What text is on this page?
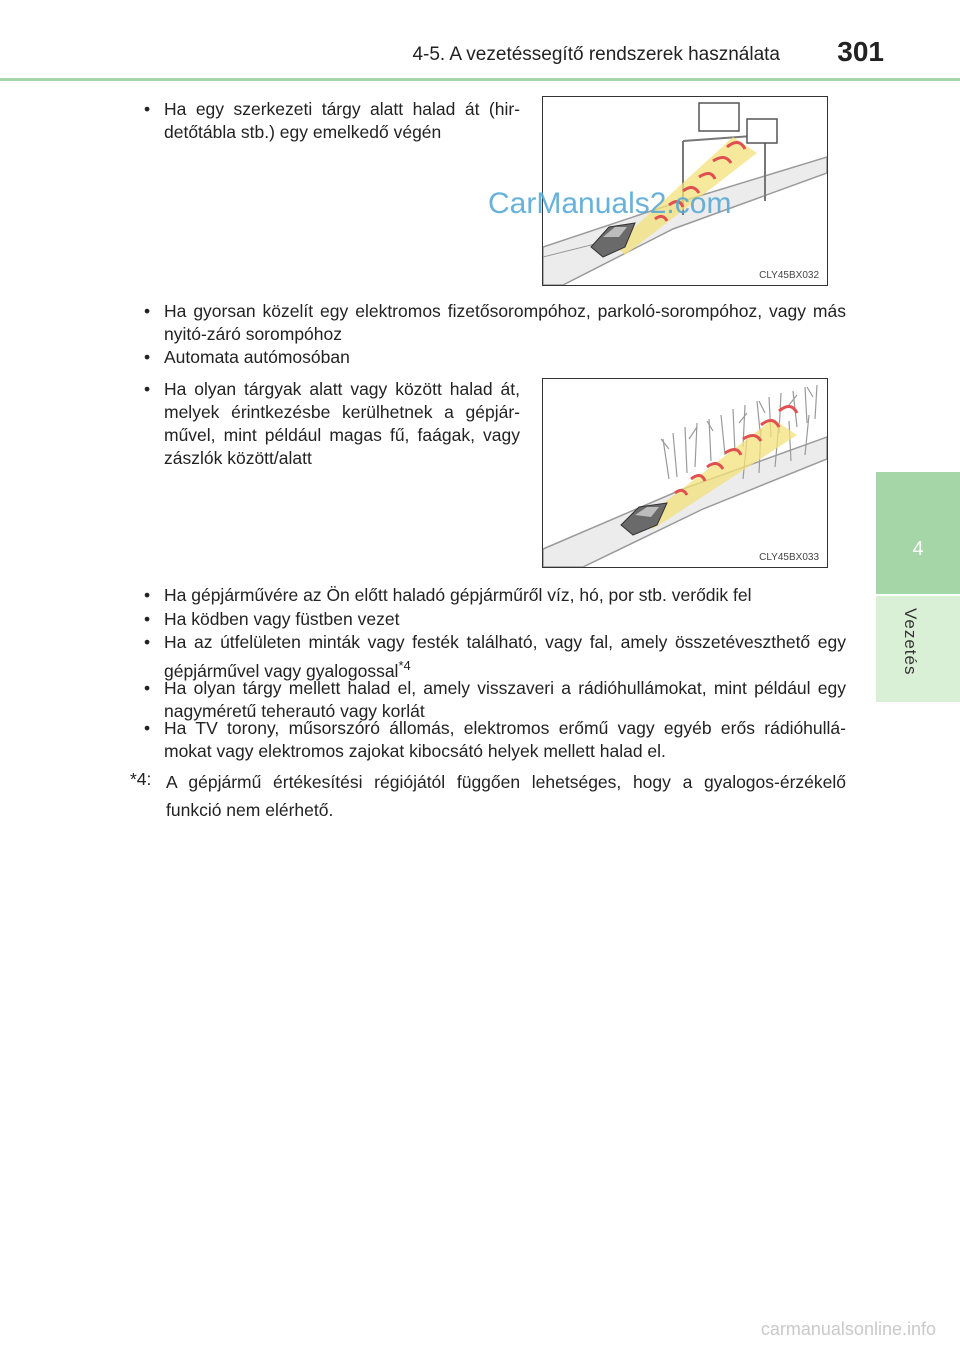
4-5. A vezetéssegítő rendszerek használata 301
4
Vezetés
• Ha egy szerkezeti tárgy alatt halad át (hir-detőtábla stb.) egy emelkedő végén
CLY45BX032
CarManuals2.com
• Ha gyorsan közelít egy elektromos fizetősorompóhoz, parkoló-sorompóhoz, vagy más nyitó-záró sorompóhoz
• Automata autómosóban
• Ha olyan tárgyak alatt vagy között halad át, melyek érintkezésbe kerülhetnek a gépjár-művel, mint például magas fű, faágak, vagy zászlók között/alatt
CLY45BX033
• Ha gépjárművére az Ön előtt haladó gépjárműről víz, hó, por stb. verődik fel
• Ha ködben vagy füstben vezet
• Ha az útfelületen minták vagy festék található, vagy fal, amely összetéveszthető egy gépjárművel vagy gyalogossal$^{*4}$
• Ha olyan tárgy mellett halad el, amely visszaveri a rádióhullámokat, mint például egy nagyméretű teherautó vagy korlát
• Ha TV torony, műsorszóró állomás, elektromos erőmű vagy egyéb erős rádióhullá-mokat vagy elektromos zajokat kibocsátó helyek mellett halad el.
*4: A gépjármű értékesítési régiójától függően lehetséges, hogy a gyalogos-érzékelő funkció nem elérhető.
carmanualsonline.info
